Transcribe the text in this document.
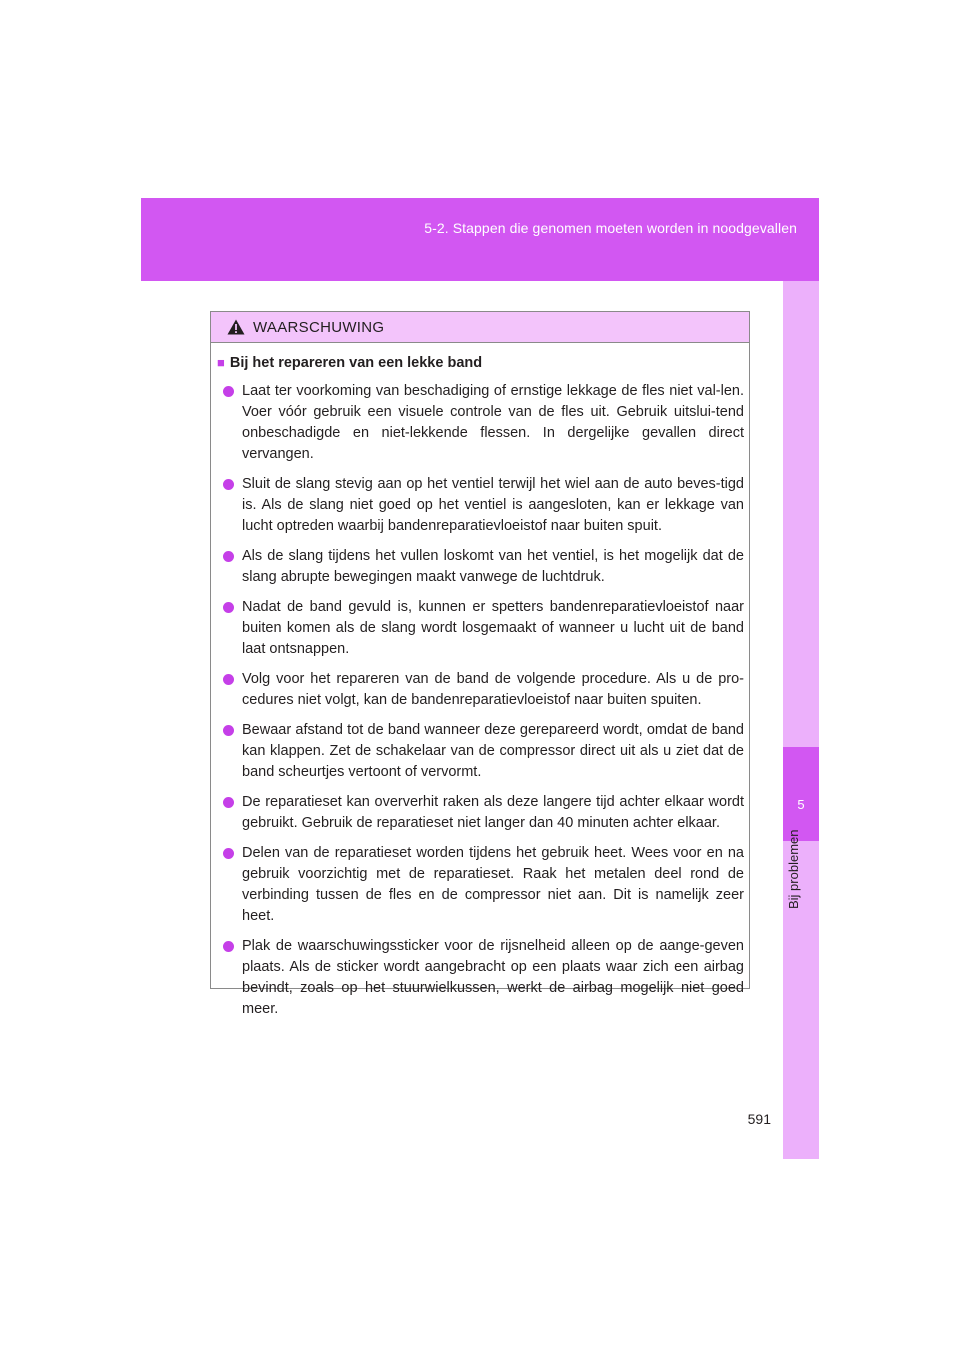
5-2. Stappen die genomen moeten worden in noodgevallen
5
Bij problemen
WAARSCHUWING
■ Bij het repareren van een lekke band
Laat ter voorkoming van beschadiging of ernstige lekkage de fles niet val-len. Voer vóór gebruik een visuele controle van de fles uit. Gebruik uitslui-tend onbeschadigde en niet-lekkende flessen. In dergelijke gevallen direct vervangen.
Sluit de slang stevig aan op het ventiel terwijl het wiel aan de auto beves-tigd is. Als de slang niet goed op het ventiel is aangesloten, kan er lekkage van lucht optreden waarbij bandenreparatievloeistof naar buiten spuit.
Als de slang tijdens het vullen loskomt van het ventiel, is het mogelijk dat de slang abrupte bewegingen maakt vanwege de luchtdruk.
Nadat de band gevuld is, kunnen er spetters bandenreparatievloeistof naar buiten komen als de slang wordt losgemaakt of wanneer u lucht uit de band laat ontsnappen.
Volg voor het repareren van de band de volgende procedure. Als u de pro-cedures niet volgt, kan de bandenreparatievloeistof naar buiten spuiten.
Bewaar afstand tot de band wanneer deze gerepareerd wordt, omdat de band kan klappen. Zet de schakelaar van de compressor direct uit als u ziet dat de band scheurtjes vertoont of vervormt.
De reparatieset kan oververhit raken als deze langere tijd achter elkaar wordt gebruikt. Gebruik de reparatieset niet langer dan 40 minuten achter elkaar.
Delen van de reparatieset worden tijdens het gebruik heet. Wees voor en na gebruik voorzichtig met de reparatieset. Raak het metalen deel rond de verbinding tussen de fles en de compressor niet aan. Dit is namelijk zeer heet.
Plak de waarschuwingssticker voor de rijsnelheid alleen op de aange-geven plaats. Als de sticker wordt aangebracht op een plaats waar zich een airbag bevindt, zoals op het stuurwielkussen, werkt de airbag mogelijk niet goed meer.
591
